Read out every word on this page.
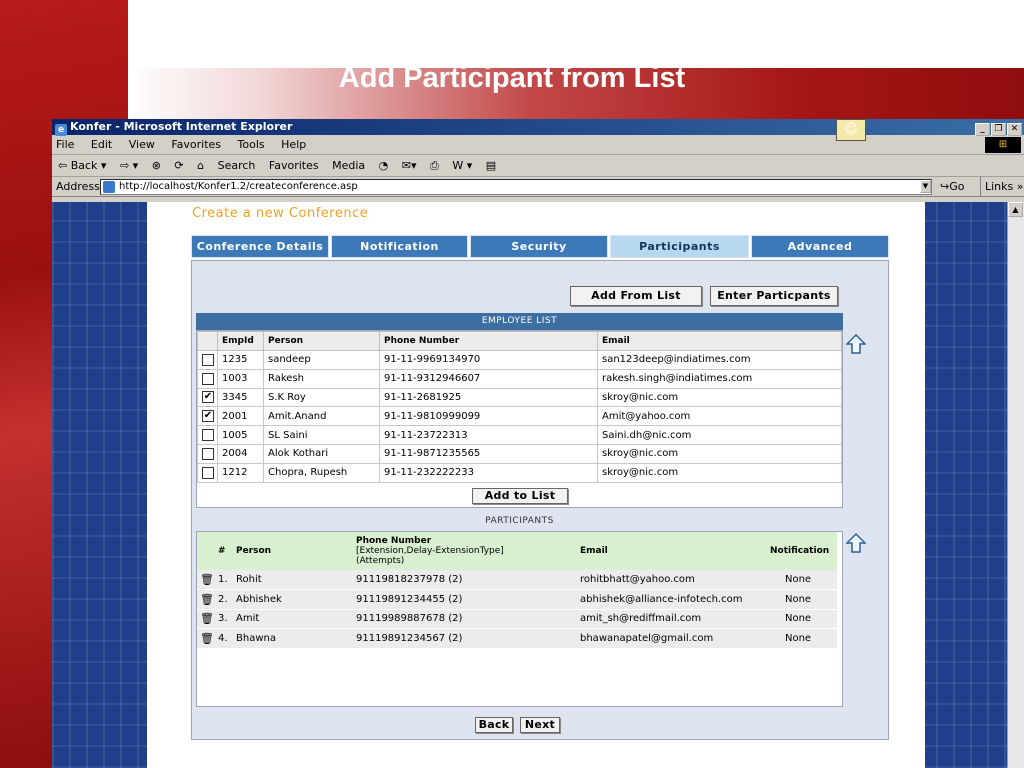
Add Participant from List
e Konfer - Microsoft Internet Explorer	☺	_ ❐ ✕
File Edit View Favorites Tools Help	⊞
⇦ Back ▾ ⇨ ▾ ⊗ ⟳ ⌂ Search Favorites Media ◔ ✉▾ ⎙ W ▾ ▤
Address	http://localhost/Konfer1.2/createconference.asp	▼ ↪Go	Links »
Create a new Conference
Conference Details	Notification	Security	Participants	Advanced
Add From List	Enter Particpants
EMPLOYEE LIST
	EmpId	Person	Phone Number	Email
	1235	sandeep	91-11-9969134970	san123deep@indiatimes.com
	1003	Rakesh	91-11-9312946607	rakesh.singh@indiatimes.com
✔	3345	S.K Roy	91-11-2681925	skroy@nic.com
✔	2001	Amit.Anand	91-11-9810999099	Amit@yahoo.com
	1005	SL Saini	91-11-23722313	Saini.dh@nic.com
	2004	Alok Kothari	91-11-9871235565	skroy@nic.com
	1212	Chopra, Rupesh	91-11-232222233	skroy@nic.com
Add to List
PARTICIPANTS
	#	Person	Phone Number
[Extension,Delay-ExtensionType]
(Attempts)	Email	Notification
🗑	1.	Rohit	91119818237978 (2)	rohitbhatt@yahoo.com	None
🗑	2.	Abhishek	91119891234455 (2)	abhishek@alliance-infotech.com	None
🗑	3.	Amit	91119989887678 (2)	amit_sh@rediffmail.com	None
🗑	4.	Bhawna	91119891234567 (2)	bhawanapatel@gmail.com	None
Back	Next
▲
